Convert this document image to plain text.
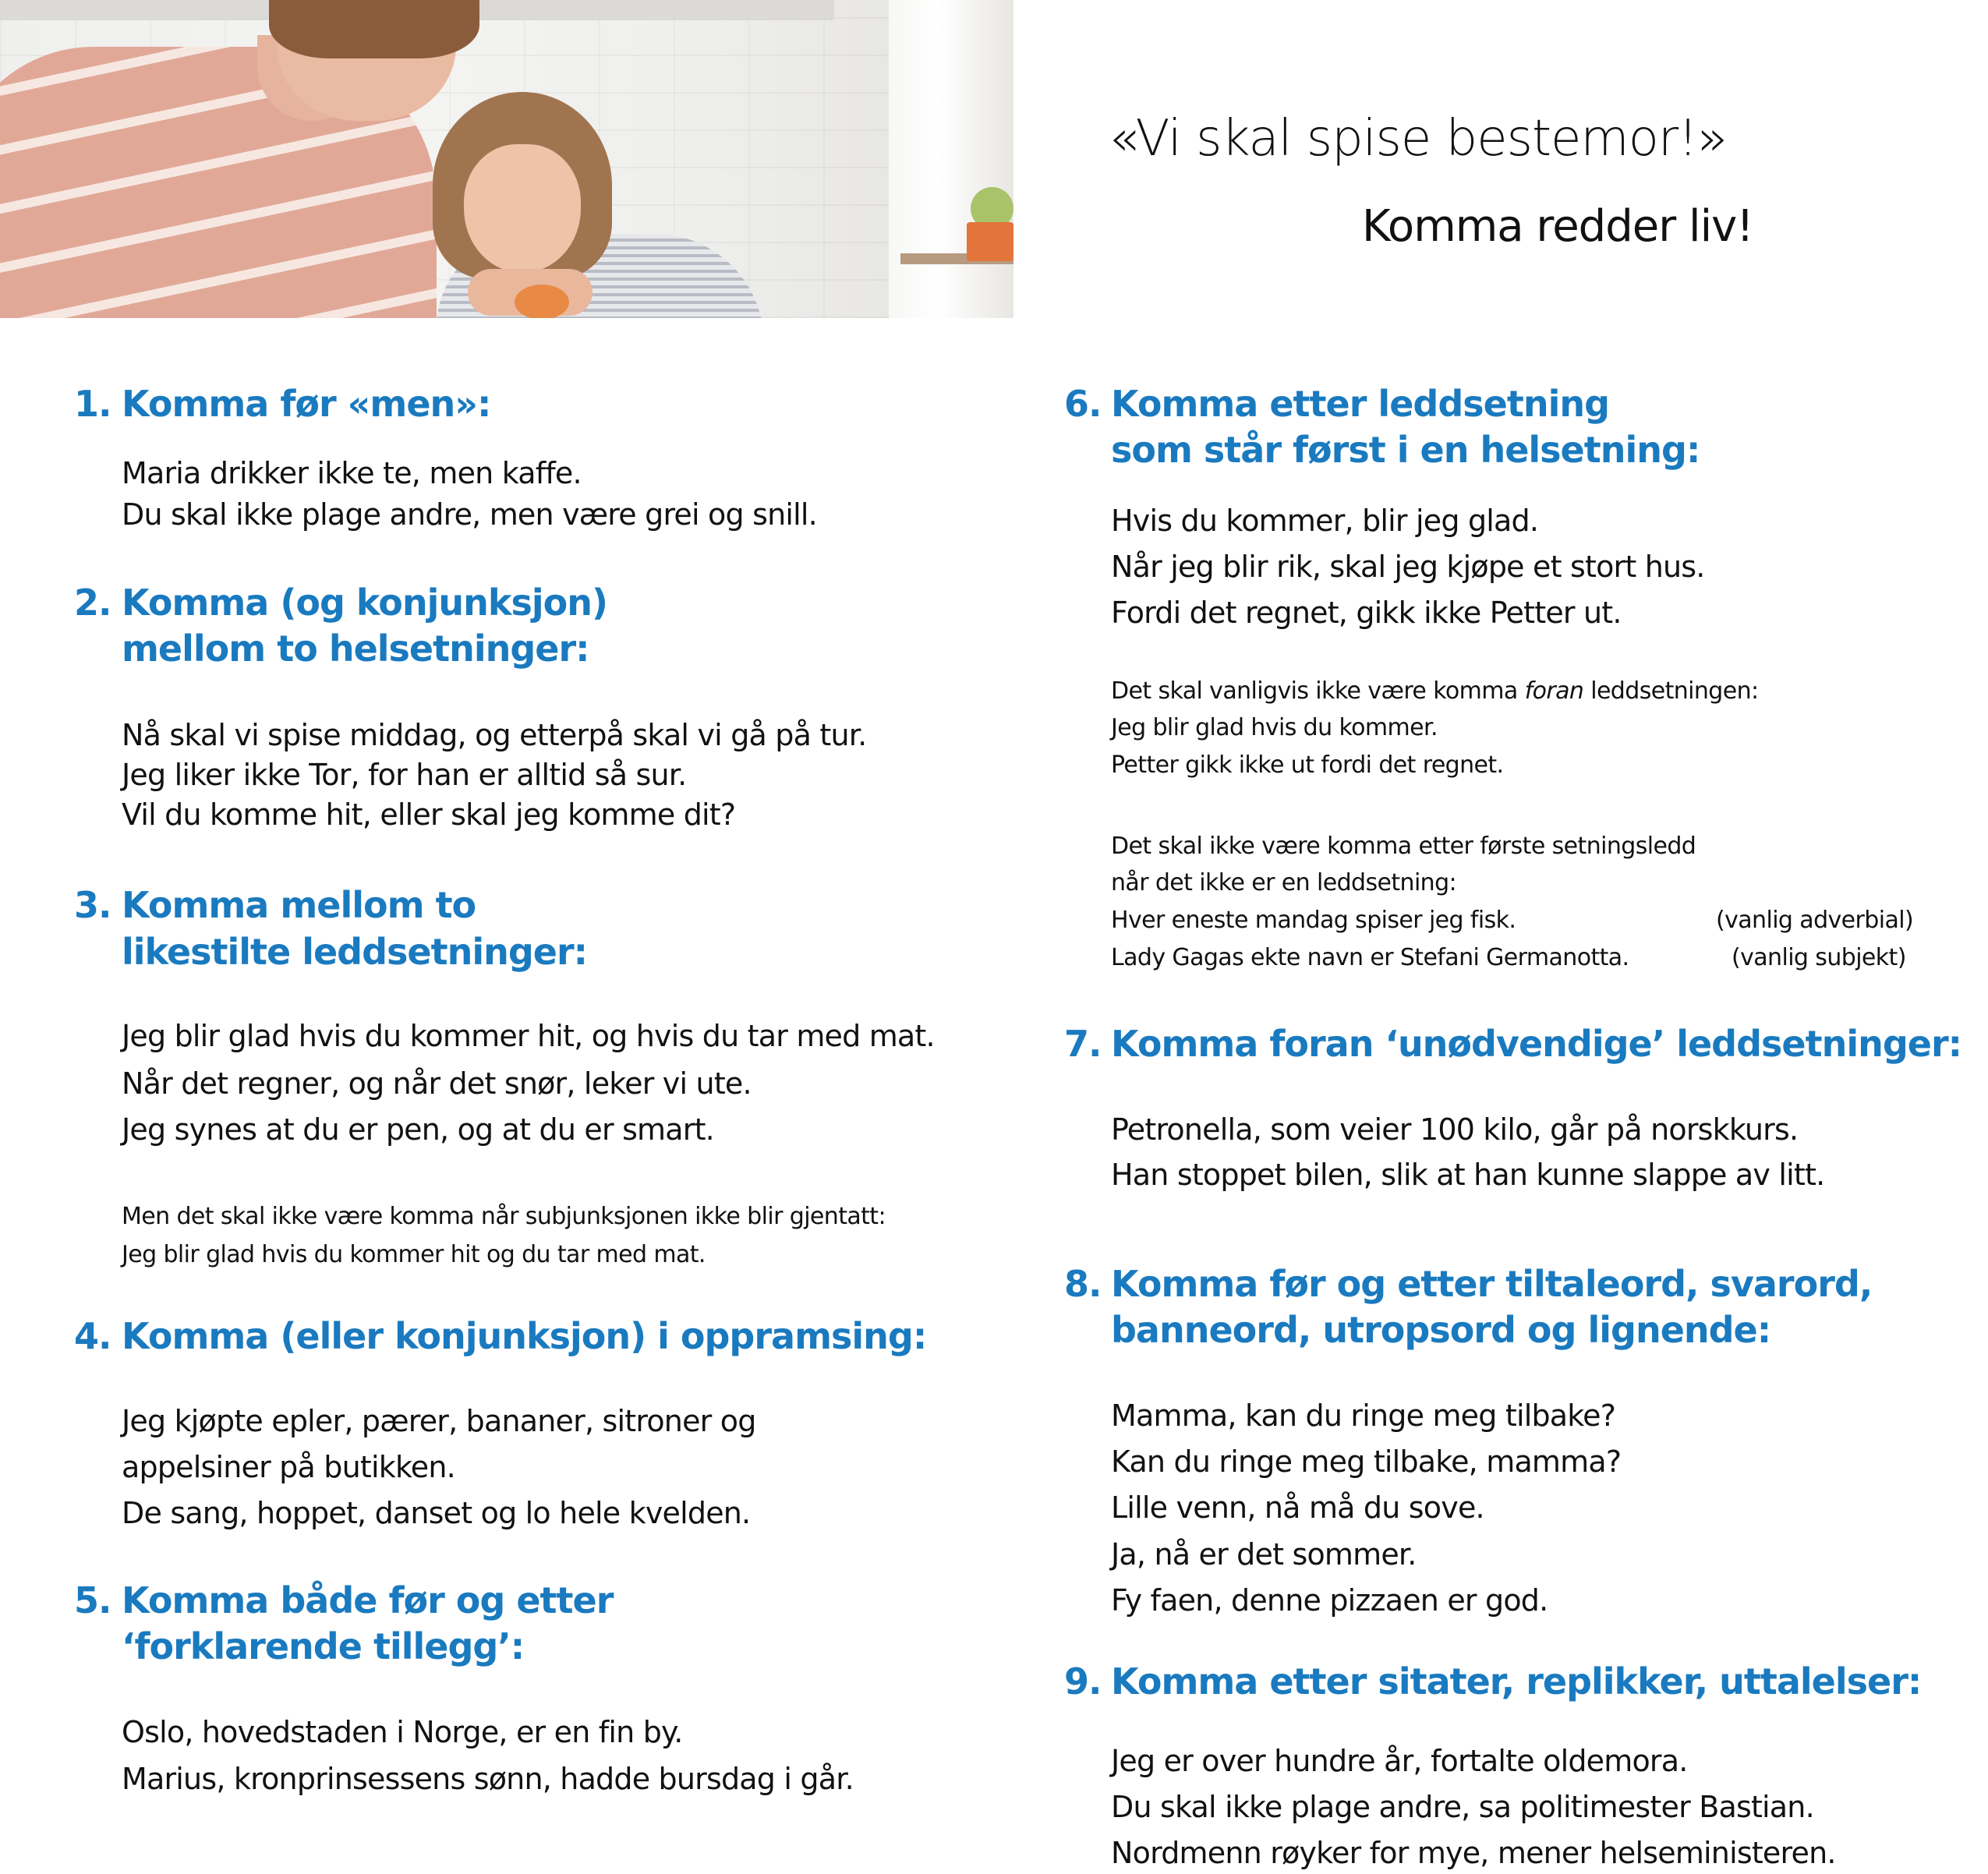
«Vi skal spise bestemor!»
Komma redder liv!
1. Komma før «men»:
Maria drikker ikke te, men kaffe.
Du skal ikke plage andre, men være grei og snill.
2. Komma (og konjunksjon)
mellom to helsetninger:
Nå skal vi spise middag, og etterpå skal vi gå på tur.
Jeg liker ikke Tor, for han er alltid så sur.
Vil du komme hit, eller skal jeg komme dit?
3. Komma mellom to
likestilte leddsetninger:
Jeg blir glad hvis du kommer hit, og hvis du tar med mat.
Når det regner, og når det snør, leker vi ute.
Jeg synes at du er pen, og at du er smart.
Men det skal ikke være komma når subjunksjonen ikke blir gjentatt:
Jeg blir glad hvis du kommer hit og du tar med mat.
4. Komma (eller konjunksjon) i oppramsing:
Jeg kjøpte epler, pærer, bananer, sitroner og
appelsiner på butikken.
De sang, hoppet, danset og lo hele kvelden.
5. Komma både før og etter
‘forklarende tillegg’:
Oslo, hovedstaden i Norge, er en fin by.
Marius, kronprinsessens sønn, hadde bursdag i går.
6. Komma etter leddsetning
som står først i en helsetning:
Hvis du kommer, blir jeg glad.
Når jeg blir rik, skal jeg kjøpe et stort hus.
Fordi det regnet, gikk ikke Petter ut.
Det skal vanligvis ikke være komma foran leddsetningen:
Jeg blir glad hvis du kommer.
Petter gikk ikke ut fordi det regnet.
Det skal ikke være komma etter første setningsledd
når det ikke er en leddsetning:
Hver eneste mandag spiser jeg fisk.	(vanlig adverbial)
Lady Gagas ekte navn er Stefani Germanotta.	(vanlig subjekt)
7. Komma foran ‘unødvendige’ leddsetninger:
Petronella, som veier 100 kilo, går på norskkurs.
Han stoppet bilen, slik at han kunne slappe av litt.
8. Komma før og etter tiltaleord, svarord,
banneord, utropsord og lignende:
Mamma, kan du ringe meg tilbake?
Kan du ringe meg tilbake, mamma?
Lille venn, nå må du sove.
Ja, nå er det sommer.
Fy faen, denne pizzaen er god.
9. Komma etter sitater, replikker, uttalelser:
Jeg er over hundre år, fortalte oldemora.
Du skal ikke plage andre, sa politimester Bastian.
Nordmenn røyker for mye, mener helseministeren.
